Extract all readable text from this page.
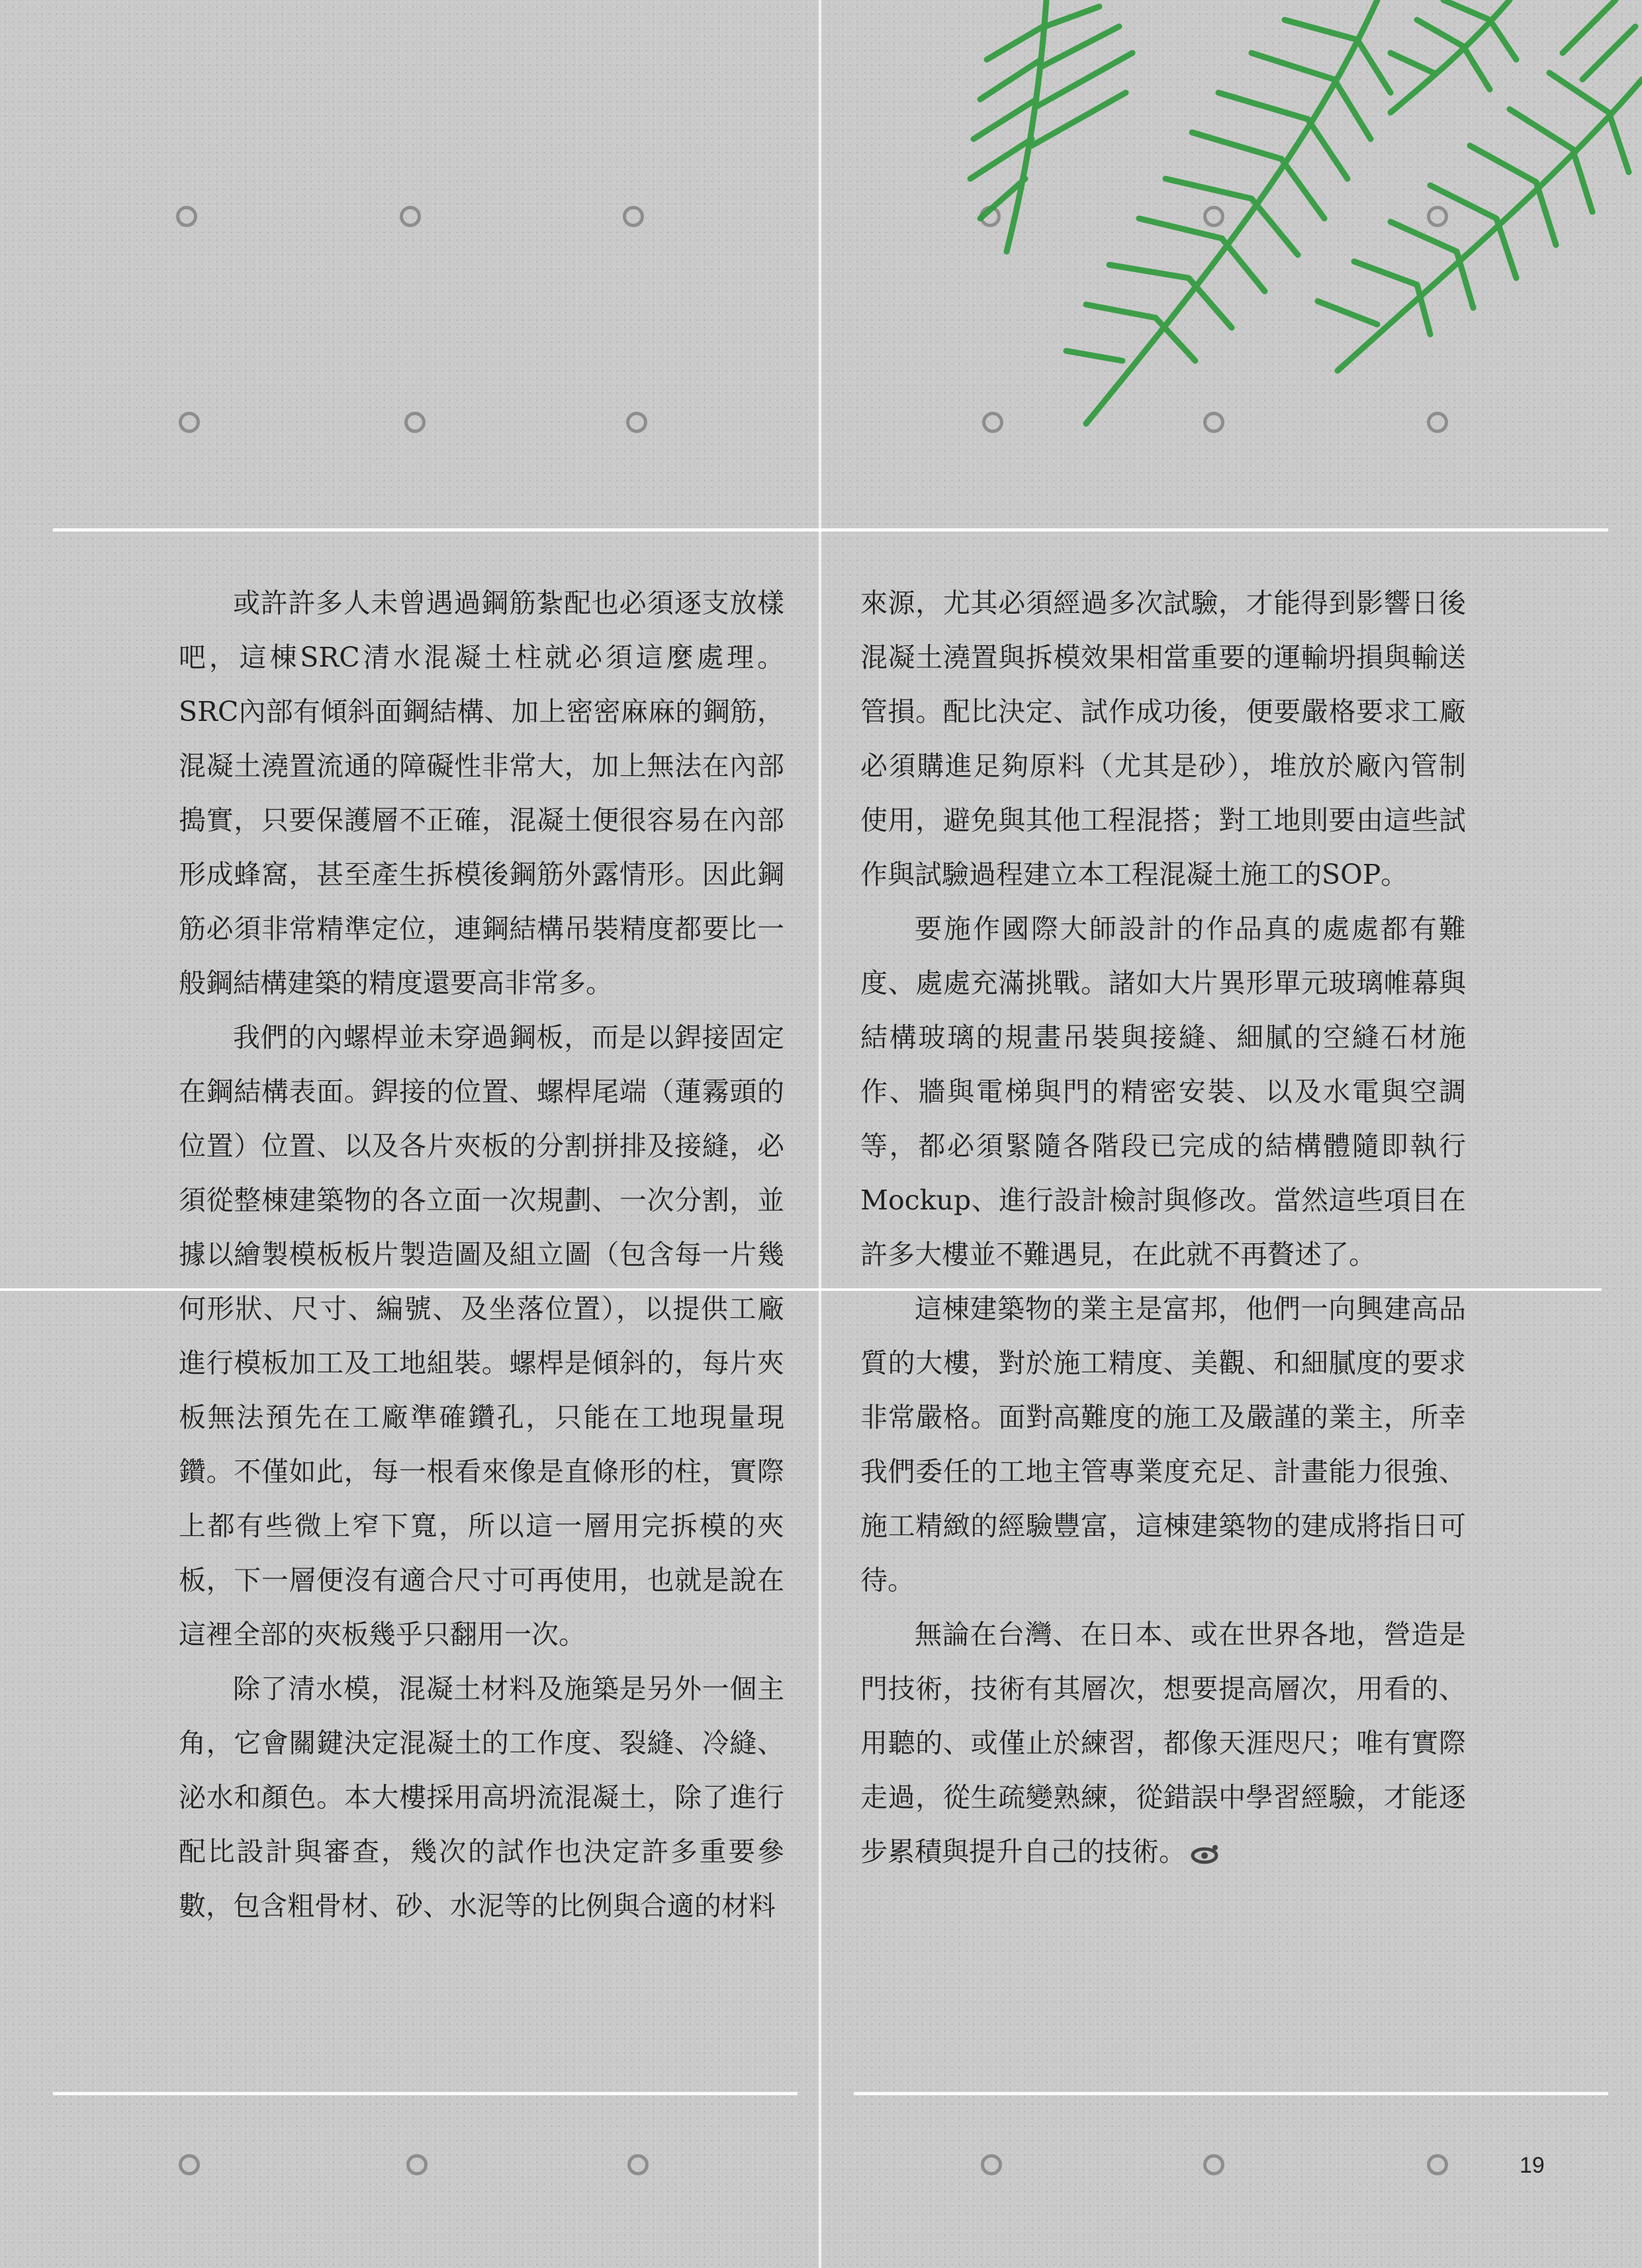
或許許多人未曾遇過鋼筋紮配也必須逐支放樣吧，這棟SRC清水混凝土柱就必須這麼處理。SRC內部有傾斜面鋼結構、加上密密麻麻的鋼筋，混凝土澆置流通的障礙性非常大，加上無法在內部搗實，只要保護層不正確，混凝土便很容易在內部形成蜂窩，甚至產生拆模後鋼筋外露情形。因此鋼筋必須非常精準定位，連鋼結構吊裝精度都要比一般鋼結構建築的精度還要高非常多。

我們的內螺桿並未穿過鋼板，而是以銲接固定在鋼結構表面。銲接的位置、螺桿尾端（蓮霧頭的位置）位置、以及各片夾板的分割拼排及接縫，必須從整棟建築物的各立面一次規劃、一次分割，並據以繪製模板板片製造圖及組立圖（包含每一片幾何形狀、尺寸、編號、及坐落位置），以提供工廠進行模板加工及工地組裝。螺桿是傾斜的，每片夾板無法預先在工廠準確鑽孔，只能在工地現量現鑽。不僅如此，每一根看來像是直條形的柱，實際上都有些微上窄下寬，所以這一層用完拆模的夾板，下一層便沒有適合尺寸可再使用，也就是說在這裡全部的夾板幾乎只翻用一次。

除了清水模，混凝土材料及施築是另外一個主角，它會關鍵決定混凝土的工作度、裂縫、冷縫、泌水和顏色。本大樓採用高坍流混凝土，除了進行配比設計與審查，幾次的試作也決定許多重要參數，包含粗骨材、砂、水泥等的比例與合適的材料

來源，尤其必須經過多次試驗，才能得到影響日後混凝土澆置與拆模效果相當重要的運輸坍損與輸送管損。配比決定、試作成功後，便要嚴格要求工廠必須購進足夠原料（尤其是砂），堆放於廠內管制使用，避免與其他工程混搭；對工地則要由這些試作與試驗過程建立本工程混凝土施工的SOP。

要施作國際大師設計的作品真的處處都有難度、處處充滿挑戰。諸如大片異形單元玻璃帷幕與結構玻璃的規畫吊裝與接縫、細膩的空縫石材施作、牆與電梯與門的精密安裝、以及水電與空調等，都必須緊隨各階段已完成的結構體隨即執行Mockup、進行設計檢討與修改。當然這些項目在許多大樓並不難遇見，在此就不再贅述了。

這棟建築物的業主是富邦，他們一向興建高品質的大樓，對於施工精度、美觀、和細膩度的要求非常嚴格。面對高難度的施工及嚴謹的業主，所幸我們委任的工地主管專業度充足、計畫能力很強、施工精緻的經驗豐富，這棟建築物的建成將指日可待。

無論在台灣、在日本、或在世界各地，營造是門技術，技術有其層次，想要提高層次，用看的、用聽的、或僅止於練習，都像天涯咫尺；唯有實際走過，從生疏變熟練，從錯誤中學習經驗，才能逐步累積與提升自己的技術。

19
